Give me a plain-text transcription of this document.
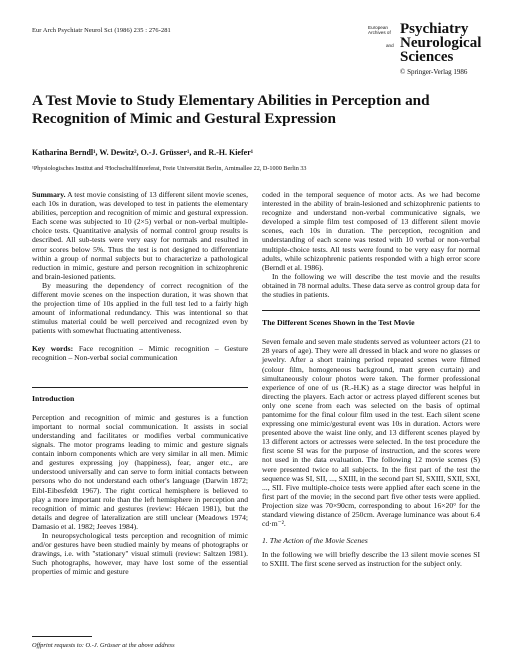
Eur Arch Psychiatr Neurol Sci (1986) 235 : 276-281	European
Archives of Psychiatry
and Neurological
Sciences
© Springer-Verlag 1986
A Test Movie to Study Elementary Abilities in Perception and Recognition of Mimic and Gestural Expression
Katharina Berndl¹, W. Dewitz², O.-J. Grüsser¹, and R.-H. Kiefer¹
¹Physiologisches Institut and ²Hochschulfilmreferat, Freie Universität Berlin, Arnimallee 22, D-1000 Berlin 33

Summary. A test movie consisting of 13 different silent movie scenes, each 10s in duration, was developed to test in patients the elementary abilities, perception and recognition of mimic and gestural expression. Each scene was subjected to 10 (2×5) verbal or non-verbal multiple-choice tests. Quantitative analysis of normal control group results is described. All sub-tests were very easy for normals and resulted in error scores below 5%. Thus the test is not designed to differentiate within a group of normal subjects but to characterize a pathological reduction in mimic, gesture and person recognition in schizophrenic and brain-lesioned patients.

By measuring the dependency of correct recognition of the different movie scenes on the inspection duration, it was shown that the projection time of 10s applied in the full test led to a fairly high amount of informational redundancy. This was intentional so that stimulus material could be well perceived and recognized even by patients with somewhat fluctuating attentiveness.

Key words: Face recognition – Mimic recognition – Gesture recognition – Non-verbal social communication

Introduction

Perception and recognition of mimic and gestures is a function important to normal social communication. It assists in social understanding and facilitates or modifies verbal communicative signals. The motor programs leading to mimic and gesture signals contain inborn components which are very similar in all men. Mimic and gestures expressing joy (happiness), fear, anger etc., are understood universally and can serve to form initial contacts between persons who do not understand each other's language (Darwin 1872; Eibl-Eibesfeldt 1967). The right cortical hemisphere is believed to play a more important role than the left hemisphere in perception and recognition of mimic and gestures (review: Hécaen 1981), but the details and degree of lateralization are still unclear (Meadows 1974; Damasio et al. 1982; Jeeves 1984).

In neuropsychological tests perception and recognition of mimic and/or gestures have been studied mainly by means of photographs or drawings, i.e. with "stationary" visual stimuli (review: Saltzen 1981). Such photographs, however, may have lost some of the essential properties of mimic and gesture

Offprint requests to: O.-J. Grüsser at the above address

coded in the temporal sequence of motor acts. As we had become interested in the ability of brain-lesioned and schizophrenic patients to recognize and understand non-verbal communicative signals, we developed a simple film test composed of 13 different silent movie scenes, each 10s in duration. The perception, recognition and understanding of each scene was tested with 10 verbal or non-verbal multiple-choice tests. All tests were found to be very easy for normal adults, while schizophrenic patients responded with a high error score (Berndl et al. 1986).

In the following we will describe the test movie and the results obtained in 78 normal adults. These data serve as control group data for the studies in patients.

The Different Scenes Shown in the Test Movie

Seven female and seven male students served as volunteer actors (21 to 28 years of age). They were all dressed in black and wore no glasses or jewelry. After a short training period repeated scenes were filmed (colour film, homogeneous background, matt green curtain) and simultaneously colour photos were taken. The former professional experience of one of us (R.-H.K) as a stage director was helpful in directing the players. Each actor or actress played different scenes but only one scene from each was selected on the basis of optimal pantomime for the final colour film used in the test. Each silent scene expressing one mimic/gestural event was 10s in duration. Actors were presented above the waist line only, and 13 different scenes played by 13 different actors or actresses were selected. In the test procedure the first scene SI was for the purpose of instruction, and the scores were not used in the data evaluation. The following 12 movie scenes (S) were presented twice to all subjects. In the first part of the test the sequence was SI, SII, ..., SXIII, in the second part SI, SXIII, SXII, SXI, ..., SII. Five multiple-choice tests were applied after each scene in the first part of the movie; in the second part five other tests were applied. Projection size was 70×90cm, corresponding to about 16×20° for the standard viewing distance of 250cm. Average luminance was about 6.4 cd·m⁻².

1. The Action of the Movie Scenes

In the following we will briefly describe the 13 silent movie scenes SI to SXIII. The first scene served as instruction for the subject only.
